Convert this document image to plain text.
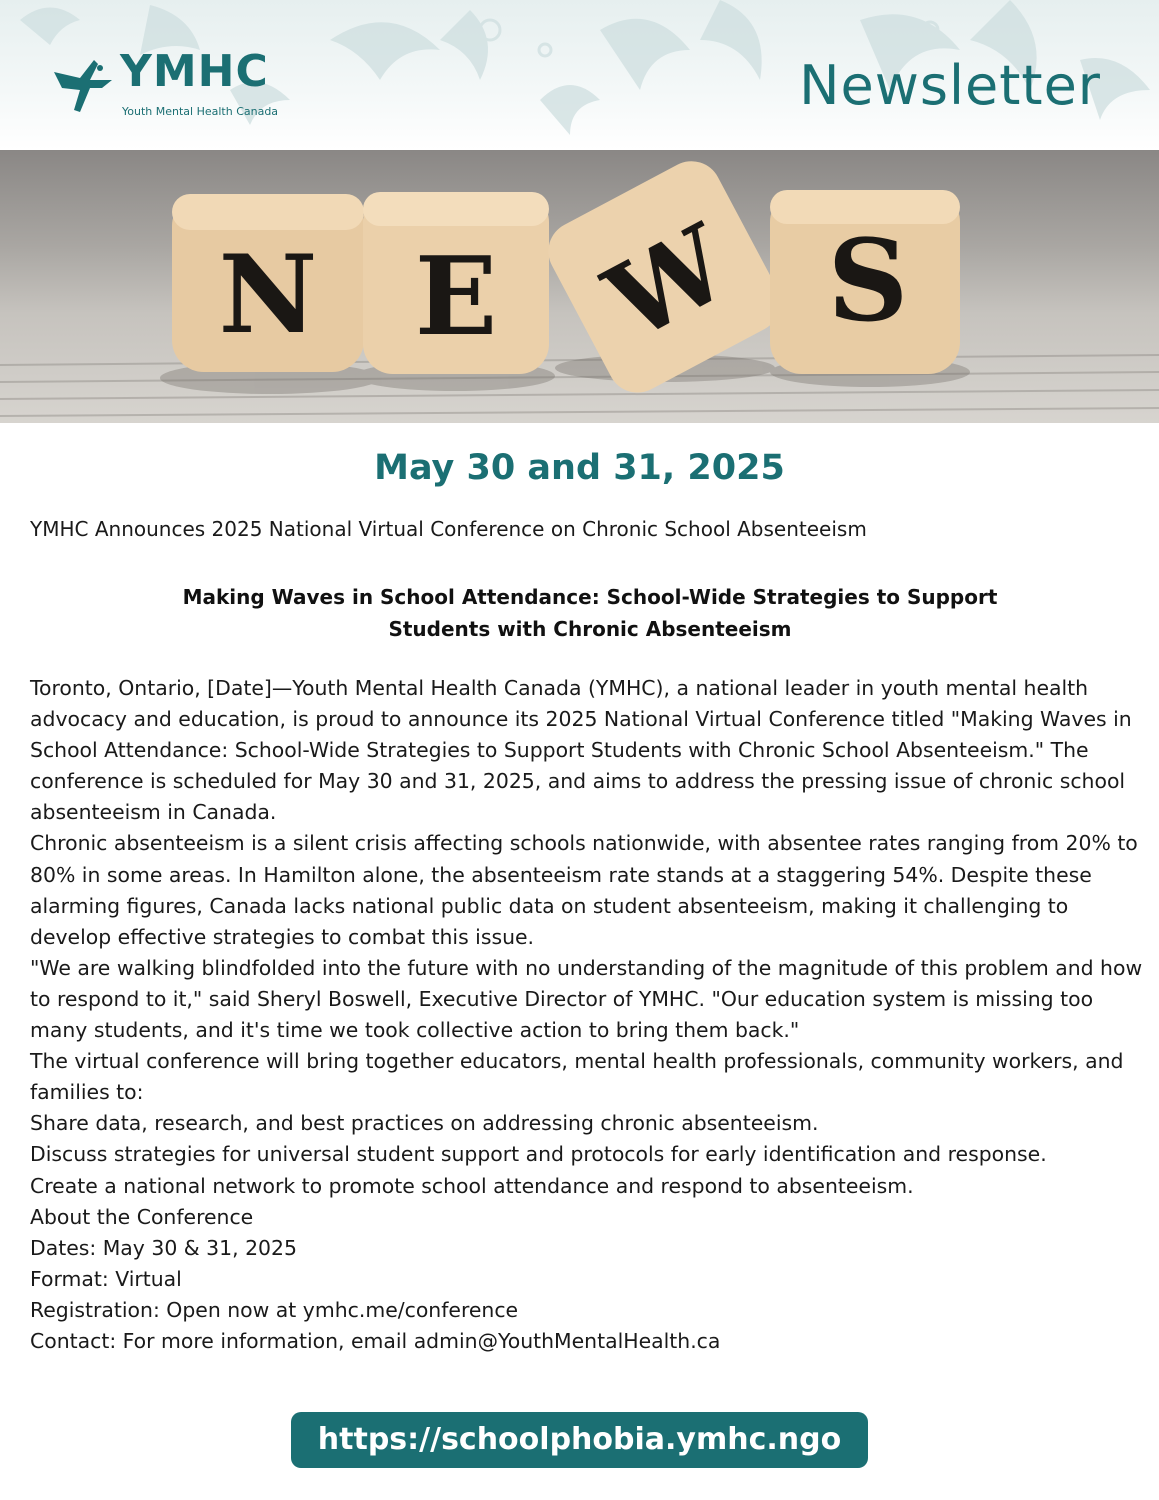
YMHC
Youth Mental Health Canada	Newsletter
N E W S
May 30 and 31, 2025
YMHC Announces 2025 National Virtual Conference on Chronic School Absenteeism
Making Waves in School Attendance: School-Wide Strategies to Support
Students with Chronic Absenteeism

Toronto, Ontario, [Date]—Youth Mental Health Canada (YMHC), a national leader in youth mental health advocacy and education, is proud to announce its 2025 National Virtual Conference titled "Making Waves in School Attendance: School-Wide Strategies to Support Students with Chronic School Absenteeism." The conference is scheduled for May 30 and 31, 2025, and aims to address the pressing issue of chronic school absenteeism in Canada.

Chronic absenteeism is a silent crisis affecting schools nationwide, with absentee rates ranging from 20% to 80% in some areas. In Hamilton alone, the absenteeism rate stands at a staggering 54%. Despite these alarming figures, Canada lacks national public data on student absenteeism, making it challenging to develop effective strategies to combat this issue.

"We are walking blindfolded into the future with no understanding of the magnitude of this problem and how to respond to it," said Sheryl Boswell, Executive Director of YMHC. "Our education system is missing too many students, and it's time we took collective action to bring them back."

The virtual conference will bring together educators, mental health professionals, community workers, and families to:

Share data, research, and best practices on addressing chronic absenteeism.

Discuss strategies for universal student support and protocols for early identification and response.

Create a national network to promote school attendance and respond to absenteeism.

About the Conference

Dates: May 30 & 31, 2025

Format: Virtual

Registration: Open now at ymhc.me/conference

Contact: For more information, email admin@YouthMentalHealth.ca

https://schoolphobia.ymhc.ngo
